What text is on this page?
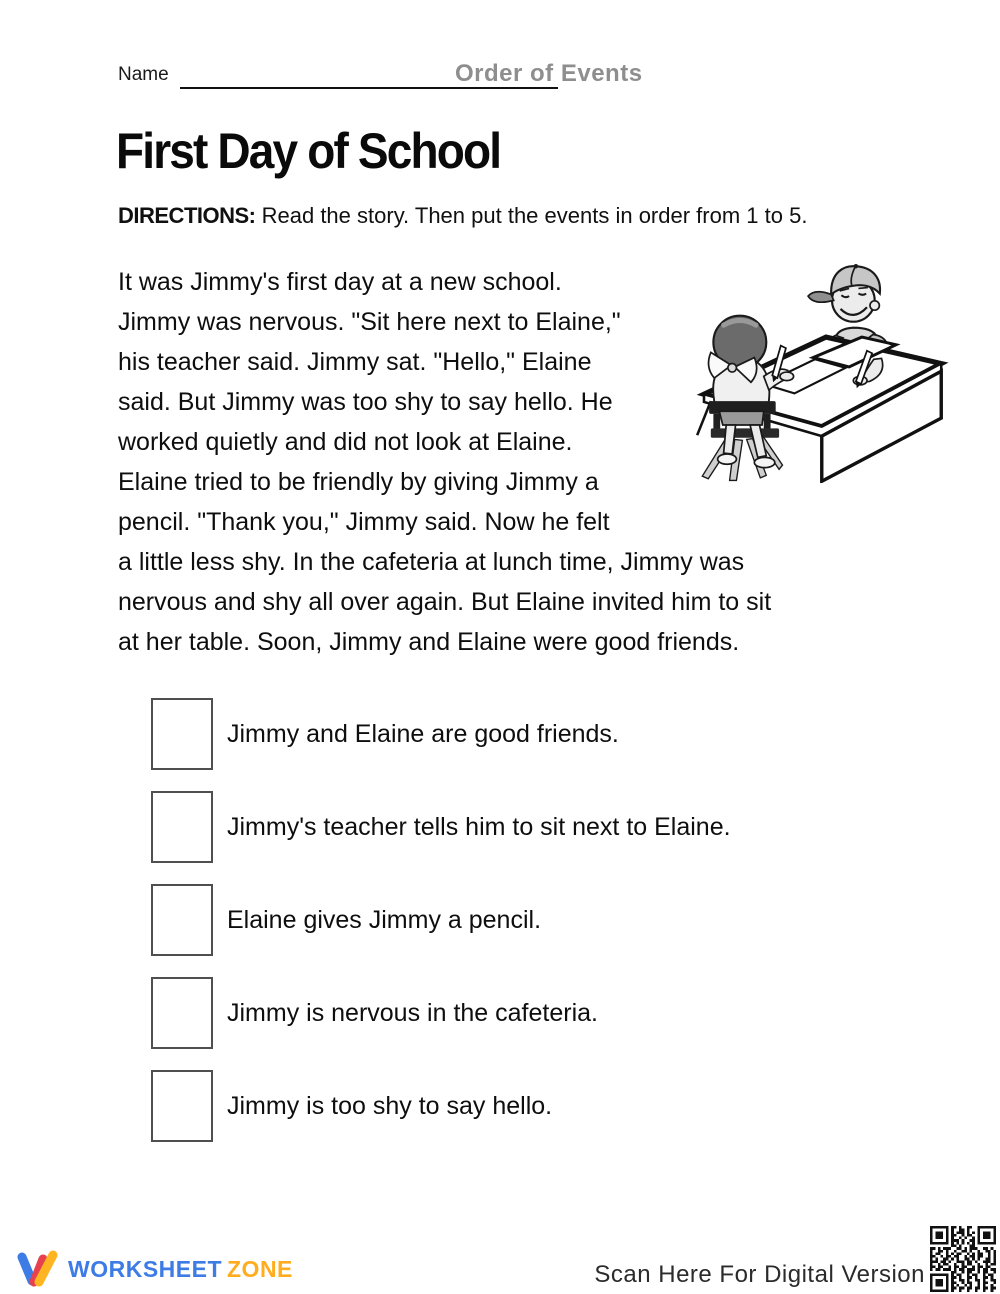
Name	Order of Events
First Day of School
DIRECTIONS: Read the story. Then put the events in order from 1 to 5.
It was Jimmy's first day at a new school.
Jimmy was nervous. "Sit here next to Elaine,"
his teacher said. Jimmy sat. "Hello," Elaine
said. But Jimmy was too shy to say hello. He
worked quietly and did not look at Elaine.
Elaine tried to be friendly by giving Jimmy a
pencil. "Thank you," Jimmy said. Now he felt
a little less shy. In the cafeteria at lunch time, Jimmy was
nervous and shy all over again. But Elaine invited him to sit
at her table. Soon, Jimmy and Elaine were good friends.
Jimmy and Elaine are good friends.
Jimmy's teacher tells him to sit next to Elaine.
Elaine gives Jimmy a pencil.
Jimmy is nervous in the cafeteria.
Jimmy is too shy to say hello.
WORKSHEET ZONE	Scan Here For Digital Version
